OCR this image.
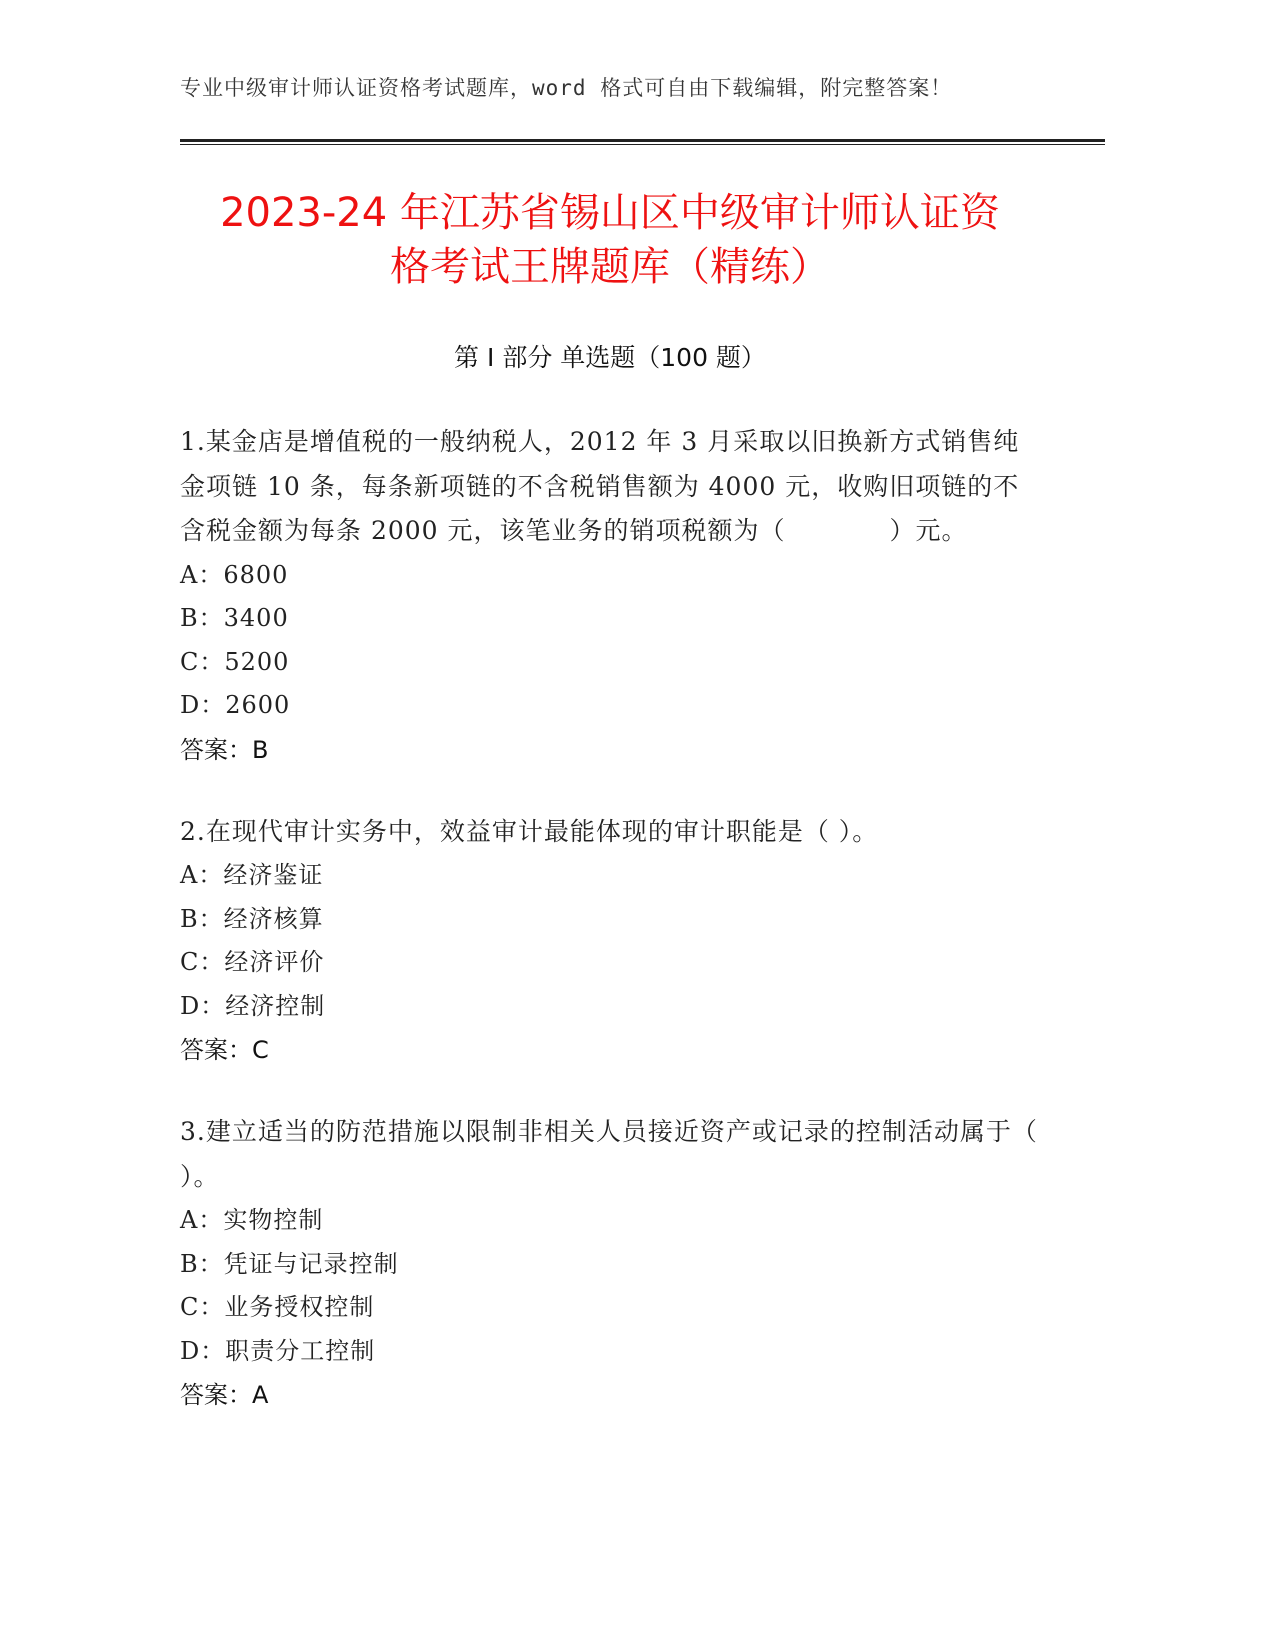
专业中级审计师认证资格考试题库，word 格式可自由下载编辑，附完整答案！
2023-24 年江苏省锡山区中级审计师认证资
格考试王牌题库（精练）
第 I 部分 单选题（100 题）
1.某金店是增值税的一般纳税人，2012 年 3 月采取以旧换新方式销售纯金项链 10 条，每条新项链的不含税销售额为 4000 元，收购旧项链的不含税金额为每条 2000 元，该笔业务的销项税额为（　　　　）元。
A：6800
B：3400
C：5200
D：2600
答案：B
2.在现代审计实务中，效益审计最能体现的审计职能是（ ）。
A：经济鉴证
B：经济核算
C：经济评价
D：经济控制
答案：C
3.建立适当的防范措施以限制非相关人员接近资产或记录的控制活动属于（ ）。
A：实物控制
B：凭证与记录控制
C：业务授权控制
D：职责分工控制
答案：A
